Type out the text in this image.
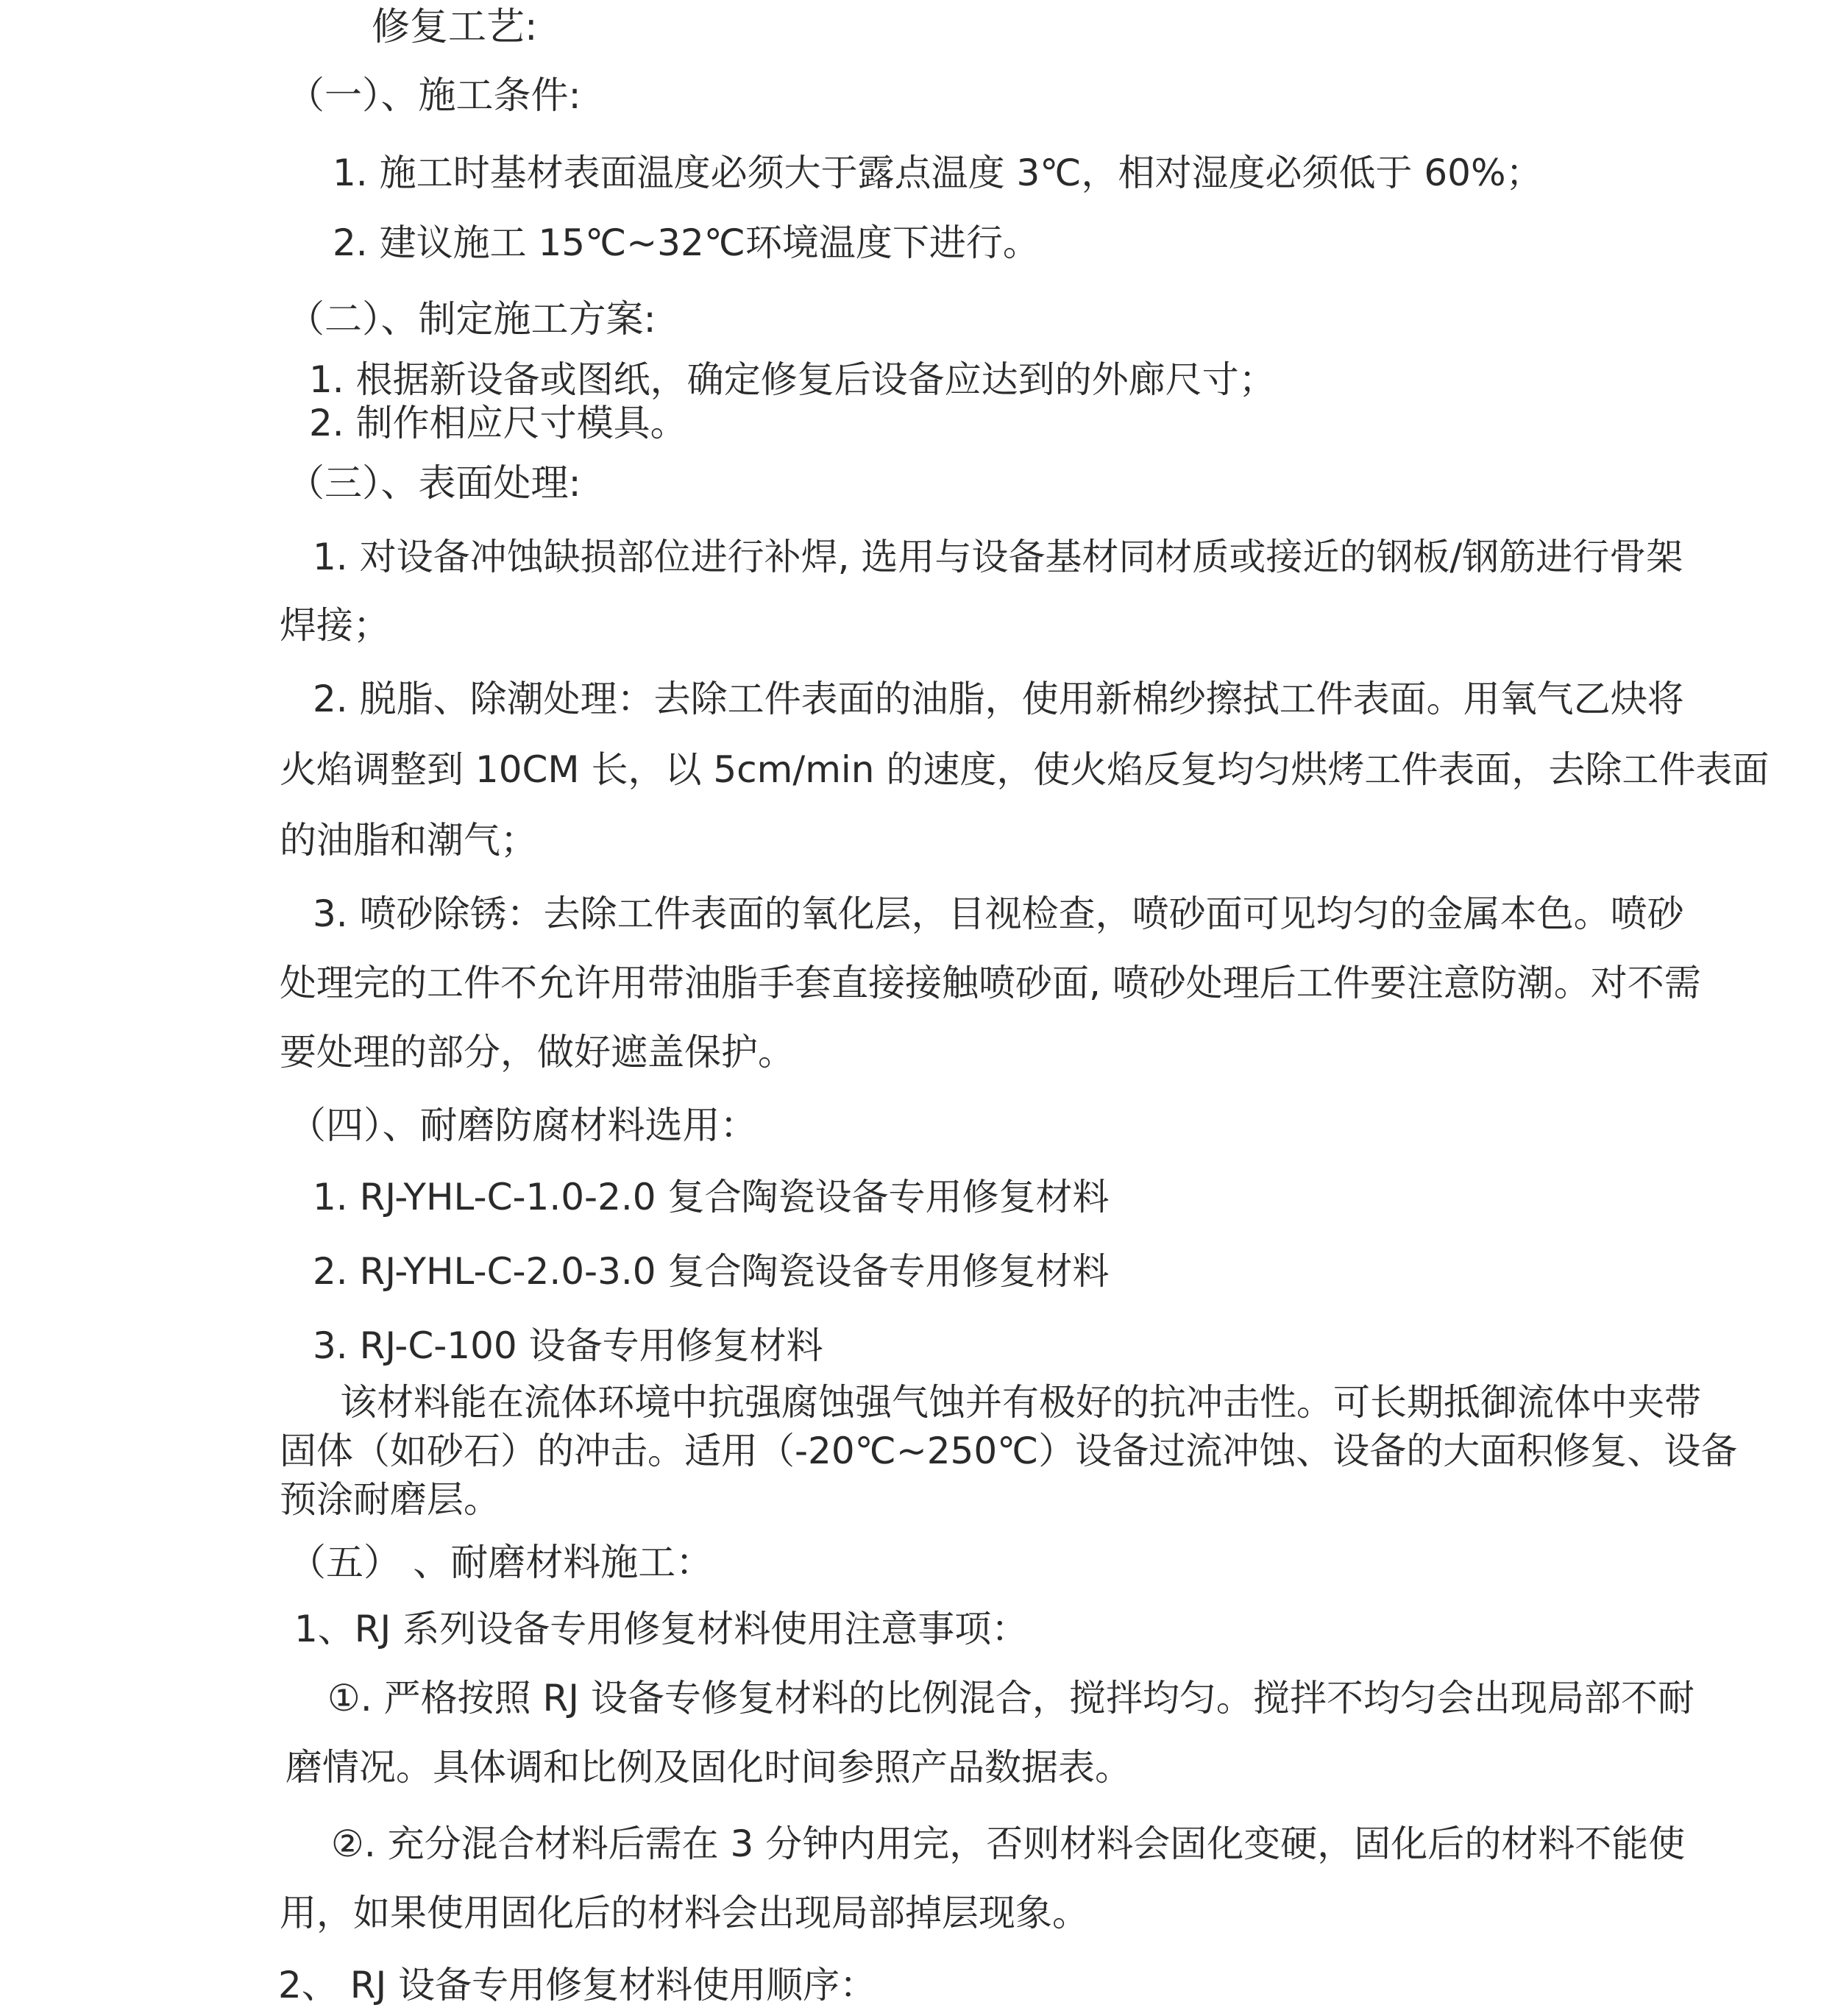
修复工艺:
（一）、施工条件:
1. 施工时基材表面温度必须大于露点温度 3℃，相对湿度必须低于 60%；
2. 建议施工 15℃~32℃环境温度下进行。
（二）、制定施工方案:
1. 根据新设备或图纸，确定修复后设备应达到的外廊尺寸；
2. 制作相应尺寸模具。
（三）、表面处理:
1. 对设备冲蚀缺损部位进行补焊, 选用与设备基材同材质或接近的钢板/钢筋进行骨架
焊接；
2. 脱脂、除潮处理：去除工件表面的油脂，使用新棉纱擦拭工件表面。用氧气乙炔将
火焰调整到 10CM 长，以 5cm/min 的速度，使火焰反复均匀烘烤工件表面，去除工件表面
的油脂和潮气；
3. 喷砂除锈：去除工件表面的氧化层，目视检查，喷砂面可见均匀的金属本色。喷砂
处理完的工件不允许用带油脂手套直接接触喷砂面, 喷砂处理后工件要注意防潮。对不需
要处理的部分，做好遮盖保护。
（四）、耐磨防腐材料选用：
1. RJ-YHL-C-1.0-2.0 复合陶瓷设备专用修复材料
2. RJ-YHL-C-2.0-3.0 复合陶瓷设备专用修复材料
3. RJ-C-100 设备专用修复材料
该材料能在流体环境中抗强腐蚀强气蚀并有极好的抗冲击性。可长期抵御流体中夹带
固体（如砂石）的冲击。适用（-20℃~250℃）设备过流冲蚀、设备的大面积修复、设备
预涂耐磨层。
（五） 、耐磨材料施工：
1、RJ 系列设备专用修复材料使用注意事项：
①. 严格按照 RJ 设备专修复材料的比例混合，搅拌均匀。搅拌不均匀会出现局部不耐
磨情况。具体调和比例及固化时间参照产品数据表。
②. 充分混合材料后需在 3 分钟内用完，否则材料会固化变硬，固化后的材料不能使
用，如果使用固化后的材料会出现局部掉层现象。
2、 RJ 设备专用修复材料使用顺序：
